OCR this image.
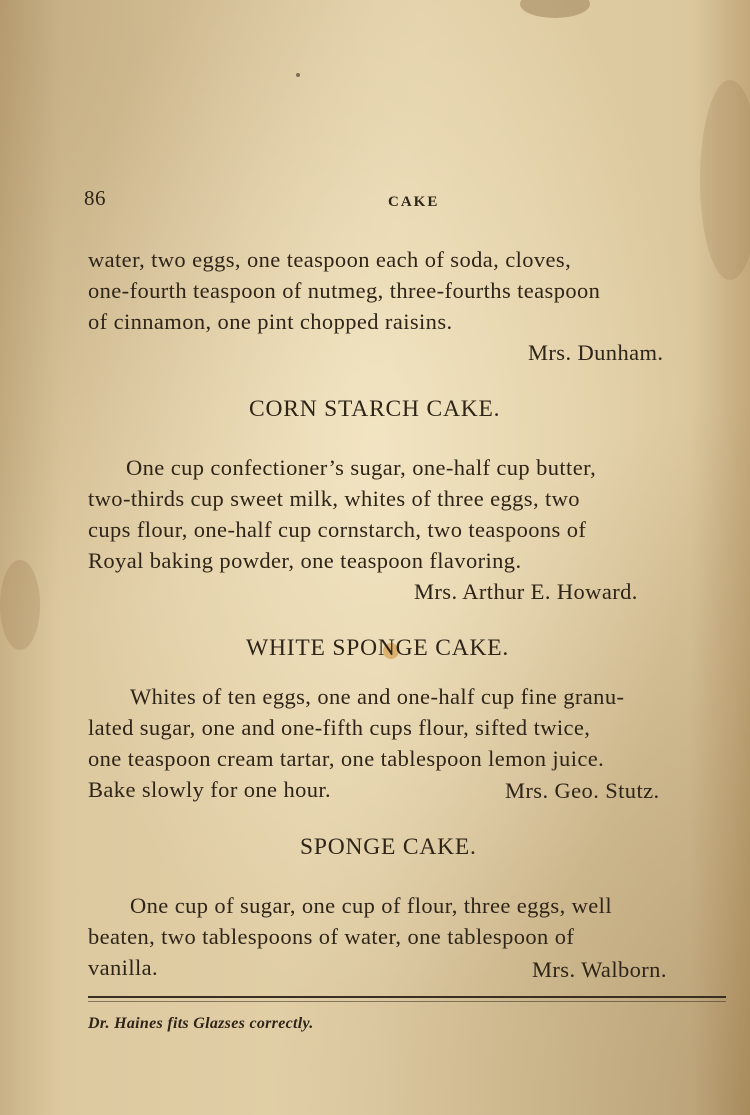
86	CAKE
water, two eggs, one teaspoon each of soda, cloves,
one-fourth teaspoon of nutmeg, three-fourths teaspoon
of cinnamon, one pint chopped raisins.
Mrs. Dunham.
CORN STARCH CAKE.
One cup confectioner’s sugar, one-half cup butter,
two-thirds cup sweet milk, whites of three eggs, two
cups flour, one-half cup cornstarch, two teaspoons of
Royal baking powder, one teaspoon flavoring.
Mrs. Arthur E. Howard.
WHITE SPONGE CAKE.
Whites of ten eggs, one and one-half cup fine granu-
lated sugar, one and one-fifth cups flour, sifted twice,
one teaspoon cream tartar, one tablespoon lemon juice.
Bake slowly for one hour.	Mrs. Geo. Stutz.
SPONGE CAKE.
One cup of sugar, one cup of flour, three eggs, well
beaten, two tablespoons of water, one tablespoon of
vanilla.	Mrs. Walborn.
Dr. Haines fits Glazses correctly.
